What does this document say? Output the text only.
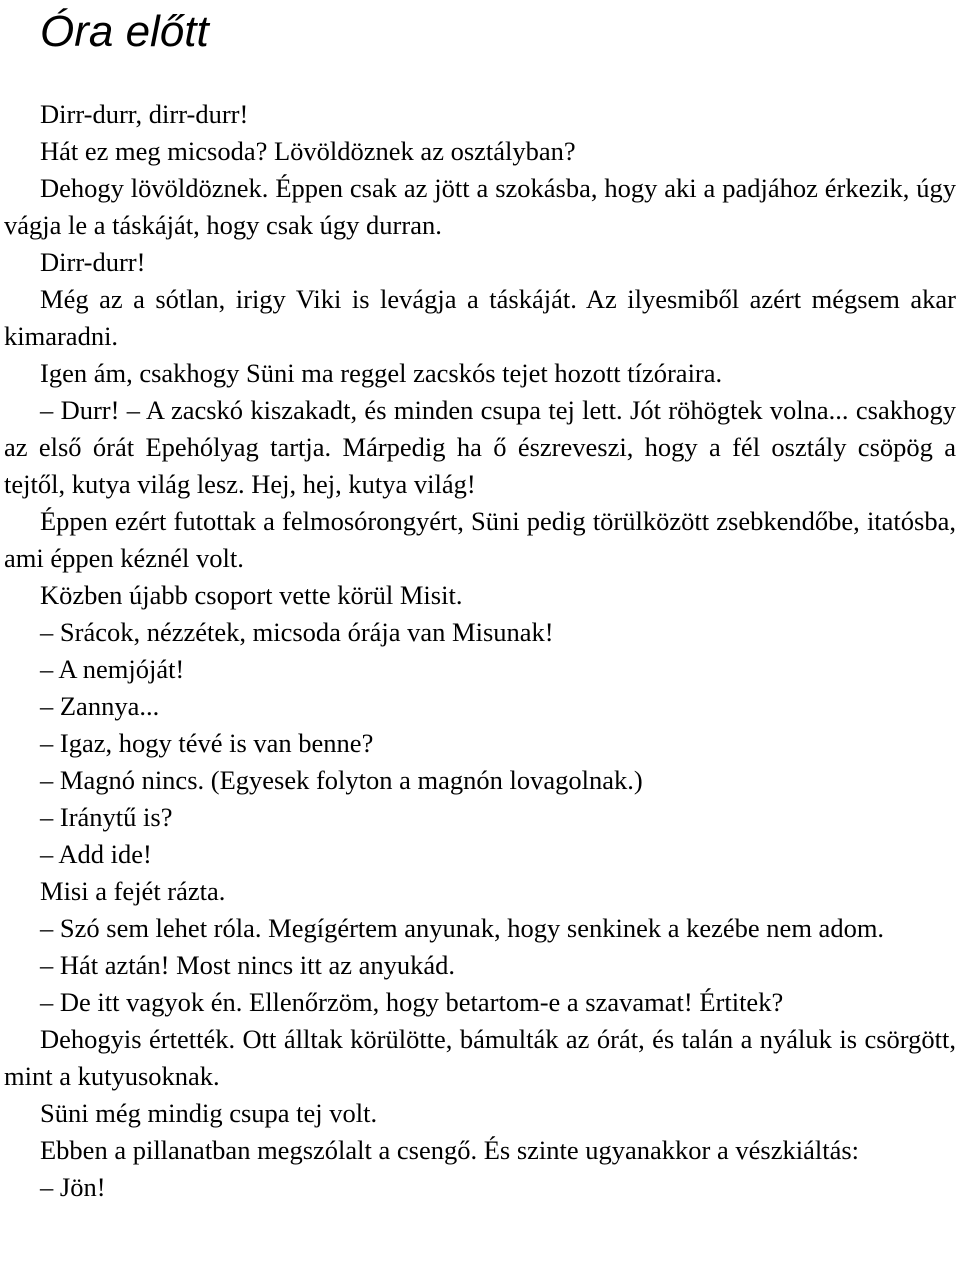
Óra előtt

Dirr-durr, dirr-durr!

Hát ez meg micsoda? Lövöldöznek az osztályban?

Dehogy lövöldöznek. Éppen csak az jött a szokásba, hogy aki a padjához érkezik, úgy vágja le a táskáját, hogy csak úgy durran.

Dirr-durr!

Még az a sótlan, irigy Viki is levágja a táskáját. Az ilyesmiből azért mégsem akar kimaradni.

Igen ám, csakhogy Süni ma reggel zacskós tejet hozott tízóraira.

– Durr! – A zacskó kiszakadt, és minden csupa tej lett. Jót röhögtek volna... csakhogy az első órát Epehólyag tartja. Márpedig ha ő észreveszi, hogy a fél osztály csöpög a tejtől, kutya világ lesz. Hej, hej, kutya világ!

Éppen ezért futottak a felmosórongyért, Süni pedig törülközött zsebkendőbe, itatósba, ami éppen kéznél volt.

Közben újabb csoport vette körül Misit.

– Srácok, nézzétek, micsoda órája van Misunak!

– A nemjóját!

– Zannya...

– Igaz, hogy tévé is van benne?

– Magnó nincs. (Egyesek folyton a magnón lovagolnak.)

– Iránytű is?

– Add ide!

Misi a fejét rázta.

– Szó sem lehet róla. Megígértem anyunak, hogy senkinek a kezébe nem adom.

– Hát aztán! Most nincs itt az anyukád.

– De itt vagyok én. Ellenőrzöm, hogy betartom-e a szavamat! Értitek?

Dehogyis értették. Ott álltak körülötte, bámulták az órát, és talán a nyáluk is csörgött, mint a kutyusoknak.

Süni még mindig csupa tej volt.

Ebben a pillanatban megszólalt a csengő. És szinte ugyanakkor a vészkiáltás:

– Jön!
